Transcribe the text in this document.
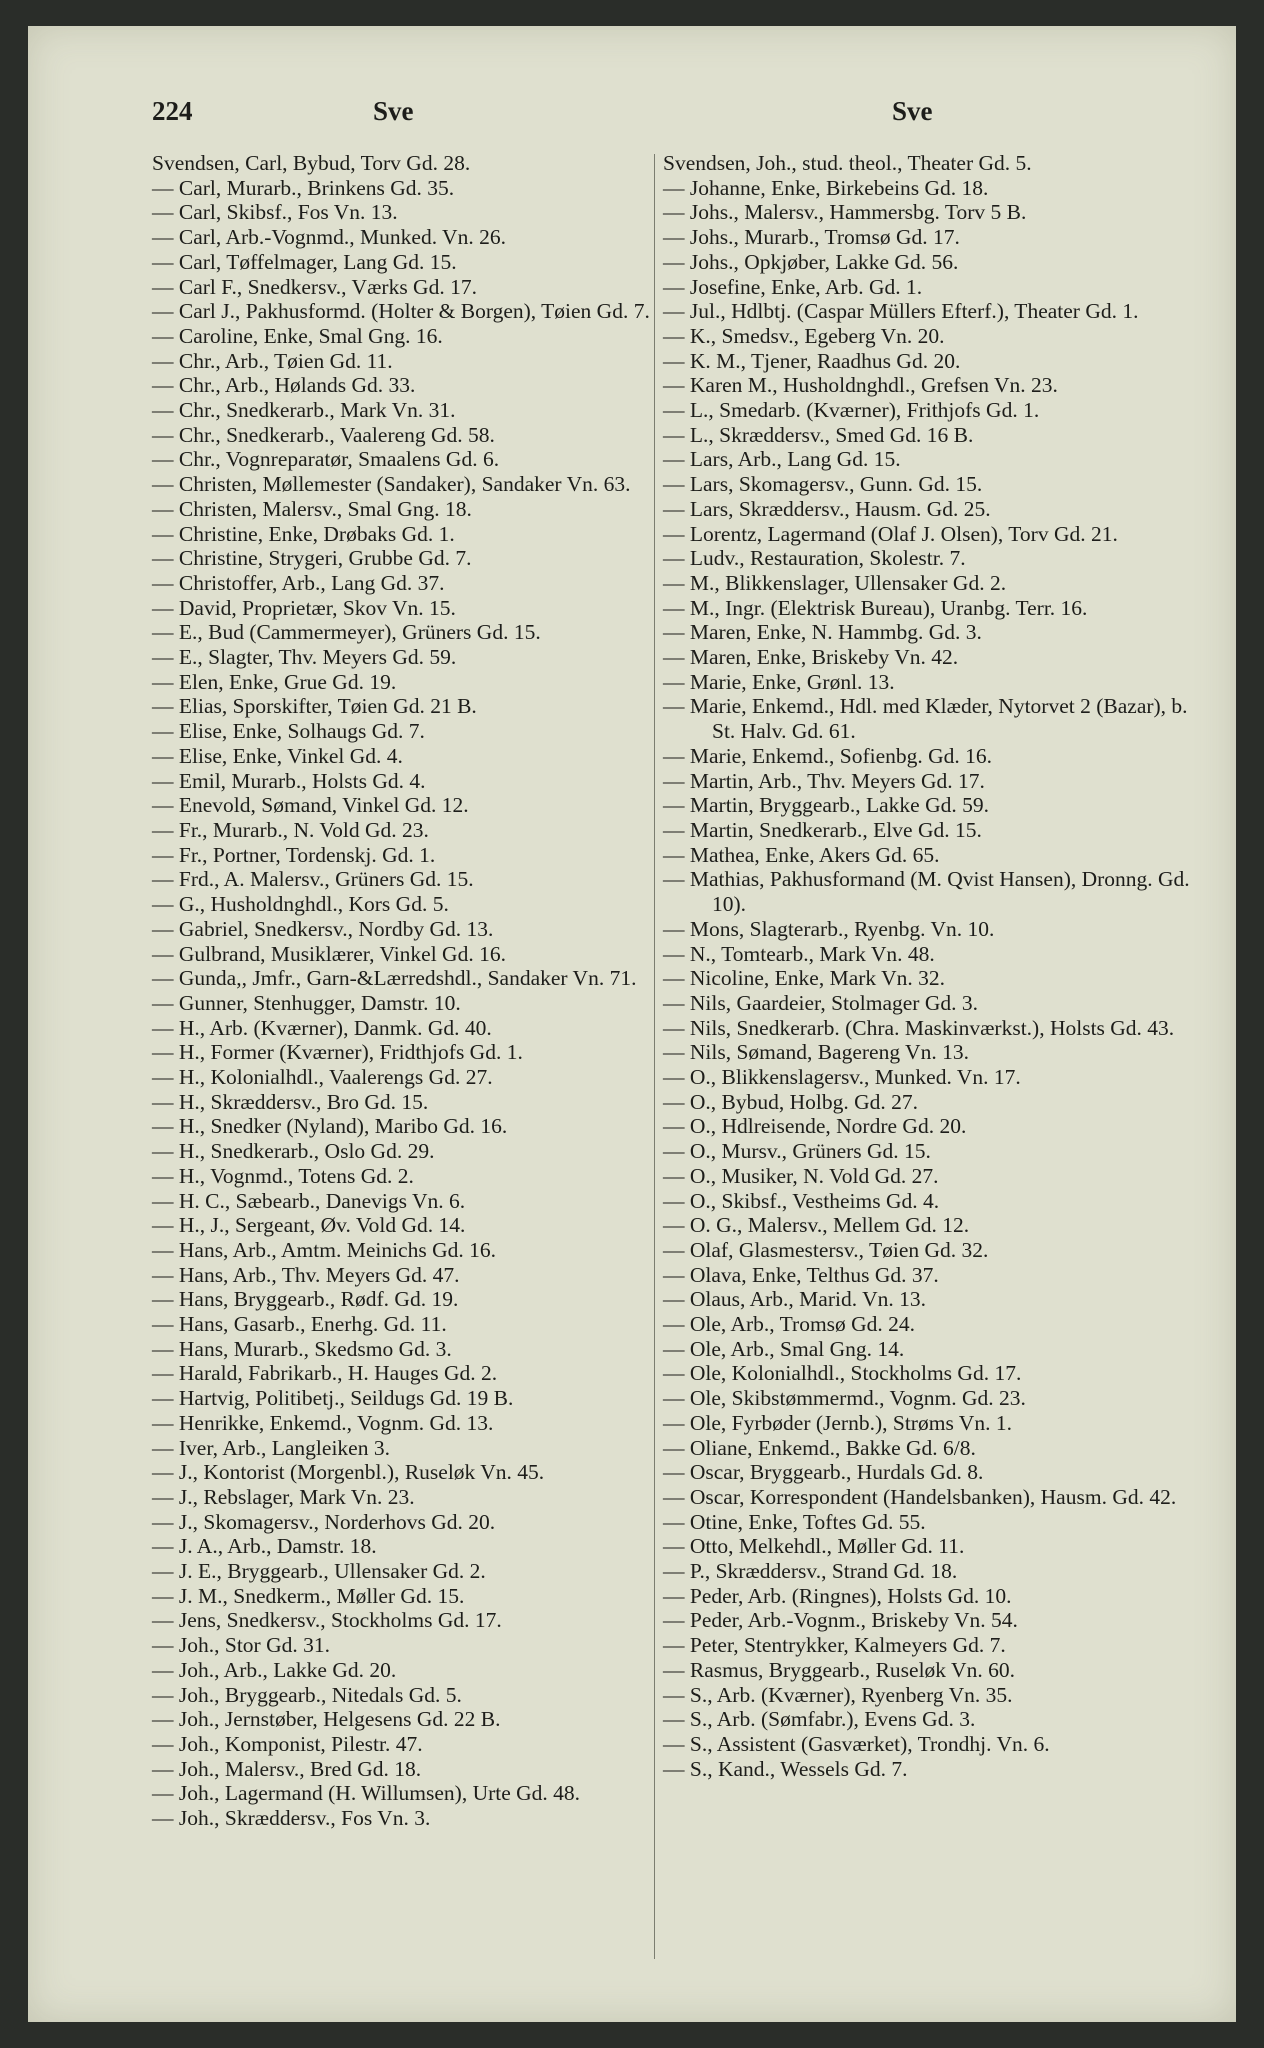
224	Sve	Sve

Svendsen, Carl, Bybud, Torv Gd. 28.

— Carl, Murarb., Brinkens Gd. 35.

— Carl, Skibsf., Fos Vn. 13.

— Carl, Arb.-Vognmd., Munked. Vn. 26.

— Carl, Tøffelmager, Lang Gd. 15.

— Carl F., Snedkersv., Værks Gd. 17.

— Carl J., Pakhusformd. (Holter & Borgen), Tøien Gd. 7.

— Caroline, Enke, Smal Gng. 16.

— Chr., Arb., Tøien Gd. 11.

— Chr., Arb., Hølands Gd. 33.

— Chr., Snedkerarb., Mark Vn. 31.

— Chr., Snedkerarb., Vaalereng Gd. 58.

— Chr., Vognreparatør, Smaalens Gd. 6.

— Christen, Møllemester (Sandaker), Sandaker Vn. 63.

— Christen, Malersv., Smal Gng. 18.

— Christine, Enke, Drøbaks Gd. 1.

— Christine, Strygeri, Grubbe Gd. 7.

— Christoffer, Arb., Lang Gd. 37.

— David, Proprietær, Skov Vn. 15.

— E., Bud (Cammermeyer), Grüners Gd. 15.

— E., Slagter, Thv. Meyers Gd. 59.

— Elen, Enke, Grue Gd. 19.

— Elias, Sporskifter, Tøien Gd. 21 B.

— Elise, Enke, Solhaugs Gd. 7.

— Elise, Enke, Vinkel Gd. 4.

— Emil, Murarb., Holsts Gd. 4.

— Enevold, Sømand, Vinkel Gd. 12.

— Fr., Murarb., N. Vold Gd. 23.

— Fr., Portner, Tordenskj. Gd. 1.

— Frd., A. Malersv., Grüners Gd. 15.

— G., Husholdnghdl., Kors Gd. 5.

— Gabriel, Snedkersv., Nordby Gd. 13.

— Gulbrand, Musiklærer, Vinkel Gd. 16.

— Gunda,, Jmfr., Garn-&Lærredshdl., Sandaker Vn. 71.

— Gunner, Stenhugger, Damstr. 10.

— H., Arb. (Kværner), Danmk. Gd. 40.

— H., Former (Kværner), Fridthjofs Gd. 1.

— H., Kolonialhdl., Vaalerengs Gd. 27.

— H., Skræddersv., Bro Gd. 15.

— H., Snedker (Nyland), Maribo Gd. 16.

— H., Snedkerarb., Oslo Gd. 29.

— H., Vognmd., Totens Gd. 2.

— H. C., Sæbearb., Danevigs Vn. 6.

— H., J., Sergeant, Øv. Vold Gd. 14.

— Hans, Arb., Amtm. Meinichs Gd. 16.

— Hans, Arb., Thv. Meyers Gd. 47.

— Hans, Bryggearb., Rødf. Gd. 19.

— Hans, Gasarb., Enerhg. Gd. 11.

— Hans, Murarb., Skedsmo Gd. 3.

— Harald, Fabrikarb., H. Hauges Gd. 2.

— Hartvig, Politibetj., Seildugs Gd. 19 B.

— Henrikke, Enkemd., Vognm. Gd. 13.

— Iver, Arb., Langleiken 3.

— J., Kontorist (Morgenbl.), Ruseløk Vn. 45.

— J., Rebslager, Mark Vn. 23.

— J., Skomagersv., Norderhovs Gd. 20.

— J. A., Arb., Damstr. 18.

— J. E., Bryggearb., Ullensaker Gd. 2.

— J. M., Snedkerm., Møller Gd. 15.

— Jens, Snedkersv., Stockholms Gd. 17.

— Joh., Stor Gd. 31.

— Joh., Arb., Lakke Gd. 20.

— Joh., Bryggearb., Nitedals Gd. 5.

— Joh., Jernstøber, Helgesens Gd. 22 B.

— Joh., Komponist, Pilestr. 47.

— Joh., Malersv., Bred Gd. 18.

— Joh., Lagermand (H. Willumsen), Urte Gd. 48.

— Joh., Skræddersv., Fos Vn. 3.

Svendsen, Joh., stud. theol., Theater Gd. 5.

— Johanne, Enke, Birkebeins Gd. 18.

— Johs., Malersv., Hammersbg. Torv 5 B.

— Johs., Murarb., Tromsø Gd. 17.

— Johs., Opkjøber, Lakke Gd. 56.

— Josefine, Enke, Arb. Gd. 1.

— Jul., Hdlbtj. (Caspar Müllers Efterf.), Theater Gd. 1.

— K., Smedsv., Egeberg Vn. 20.

— K. M., Tjener, Raadhus Gd. 20.

— Karen M., Husholdnghdl., Grefsen Vn. 23.

— L., Smedarb. (Kværner), Frithjofs Gd. 1.

— L., Skræddersv., Smed Gd. 16 B.

— Lars, Arb., Lang Gd. 15.

— Lars, Skomagersv., Gunn. Gd. 15.

— Lars, Skræddersv., Hausm. Gd. 25.

— Lorentz, Lagermand (Olaf J. Olsen), Torv Gd. 21.

— Ludv., Restauration, Skolestr. 7.

— M., Blikkenslager, Ullensaker Gd. 2.

— M., Ingr. (Elektrisk Bureau), Uranbg. Terr. 16.

— Maren, Enke, N. Hammbg. Gd. 3.

— Maren, Enke, Briskeby Vn. 42.

— Marie, Enke, Grønl. 13.

— Marie, Enkemd., Hdl. med Klæder, Nytorvet 2 (Bazar), b. St. Halv. Gd. 61.

— Marie, Enkemd., Sofienbg. Gd. 16.

— Martin, Arb., Thv. Meyers Gd. 17.

— Martin, Bryggearb., Lakke Gd. 59.

— Martin, Snedkerarb., Elve Gd. 15.

— Mathea, Enke, Akers Gd. 65.

— Mathias, Pakhusformand (M. Qvist Hansen), Dronng. Gd. 10).

— Mons, Slagterarb., Ryenbg. Vn. 10.

— N., Tomtearb., Mark Vn. 48.

— Nicoline, Enke, Mark Vn. 32.

— Nils, Gaardeier, Stolmager Gd. 3.

— Nils, Snedkerarb. (Chra. Maskinværkst.), Holsts Gd. 43.

— Nils, Sømand, Bagereng Vn. 13.

— O., Blikkenslagersv., Munked. Vn. 17.

— O., Bybud, Holbg. Gd. 27.

— O., Hdlreisende, Nordre Gd. 20.

— O., Mursv., Grüners Gd. 15.

— O., Musiker, N. Vold Gd. 27.

— O., Skibsf., Vestheims Gd. 4.

— O. G., Malersv., Mellem Gd. 12.

— Olaf, Glasmestersv., Tøien Gd. 32.

— Olava, Enke, Telthus Gd. 37.

— Olaus, Arb., Marid. Vn. 13.

— Ole, Arb., Tromsø Gd. 24.

— Ole, Arb., Smal Gng. 14.

— Ole, Kolonialhdl., Stockholms Gd. 17.

— Ole, Skibstømmermd., Vognm. Gd. 23.

— Ole, Fyrbøder (Jernb.), Strøms Vn. 1.

— Oliane, Enkemd., Bakke Gd. 6/8.

— Oscar, Bryggearb., Hurdals Gd. 8.

— Oscar, Korrespondent (Handelsbanken), Hausm. Gd. 42.

— Otine, Enke, Toftes Gd. 55.

— Otto, Melkehdl., Møller Gd. 11.

— P., Skræddersv., Strand Gd. 18.

— Peder, Arb. (Ringnes), Holsts Gd. 10.

— Peder, Arb.-Vognm., Briskeby Vn. 54.

— Peter, Stentrykker, Kalmeyers Gd. 7.

— Rasmus, Bryggearb., Ruseløk Vn. 60.

— S., Arb. (Kværner), Ryenberg Vn. 35.

— S., Arb. (Sømfabr.), Evens Gd. 3.

— S., Assistent (Gasværket), Trondhj. Vn. 6.

— S., Kand., Wessels Gd. 7.
